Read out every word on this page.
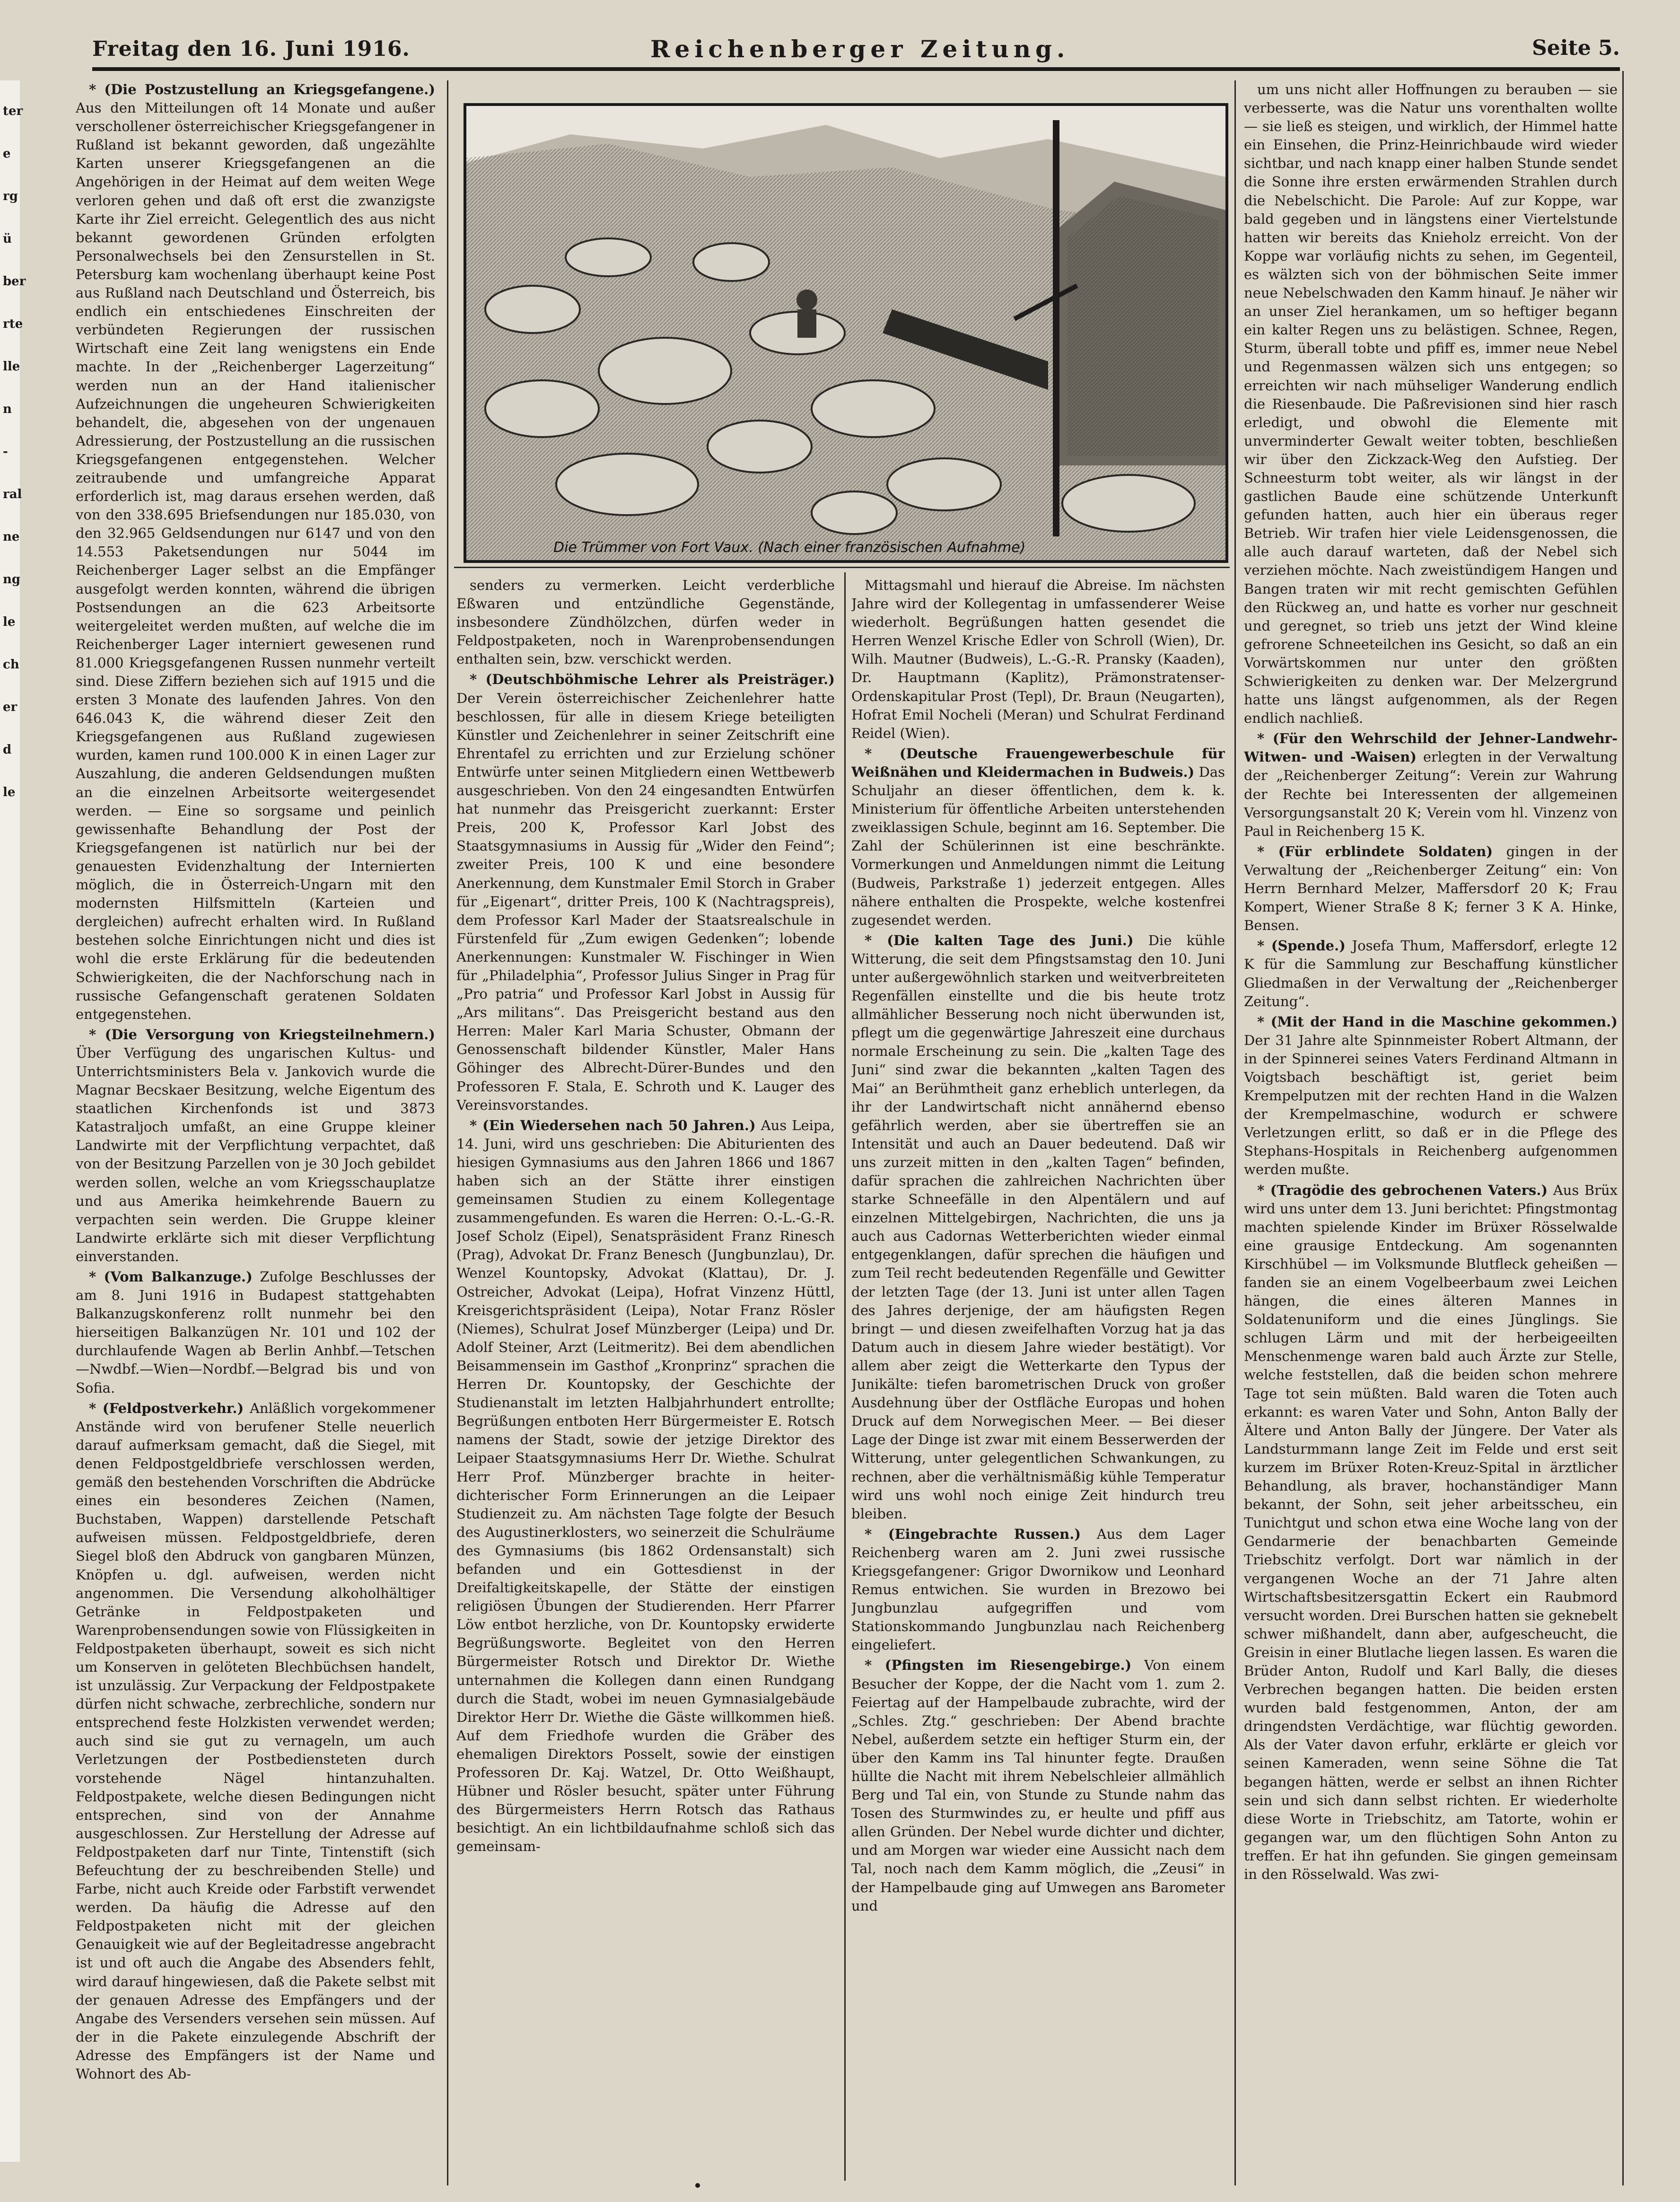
ter
e
rg
ü
ber
rte
lle
n
-
ral
ne
ng
le
ch
er
d
le
Freitag den 16. Juni 1916.	Reichenberger Zeitung.	Seite 5.

* (Die Postzustellung an Kriegsgefangene.) Aus den Mitteilungen oft 14 Monate und außer verschollener österreichischer Kriegsgefangener in Rußland ist bekannt geworden, daß ungezählte Karten unserer Kriegsgefangenen an die Angehörigen in der Heimat auf dem weiten Wege verloren gehen und daß oft erst die zwanzigste Karte ihr Ziel erreicht. Gelegentlich des aus nicht bekannt gewordenen Gründen erfolgten Personalwechsels bei den Zensurstellen in St. Petersburg kam wochenlang überhaupt keine Post aus Rußland nach Deutschland und Österreich, bis endlich ein entschiedenes Einschreiten der verbündeten Regierungen der russischen Wirtschaft eine Zeit lang wenigstens ein Ende machte. In der „Reichenberger Lagerzeitung“ werden nun an der Hand italienischer Aufzeichnungen die ungeheuren Schwierigkeiten behandelt, die, abgesehen von der ungenauen Adressierung, der Postzustellung an die russischen Kriegsgefangenen entgegenstehen. Welcher zeitraubende und umfangreiche Apparat erforderlich ist, mag daraus ersehen werden, daß von den 338.695 Briefsendungen nur 185.030, von den 32.965 Geldsendungen nur 6147 und von den 14.553 Paketsendungen nur 5044 im Reichenberger Lager selbst an die Empfänger ausgefolgt werden konnten, während die übrigen Postsendungen an die 623 Arbeitsorte weitergeleitet werden mußten, auf welche die im Reichenberger Lager interniert gewesenen rund 81.000 Kriegsgefangenen Russen nunmehr verteilt sind. Diese Ziffern beziehen sich auf 1915 und die ersten 3 Monate des laufenden Jahres. Von den 646.043 K, die während dieser Zeit den Kriegsgefangenen aus Rußland zugewiesen wurden, kamen rund 100.000 K in einen Lager zur Auszahlung, die anderen Geldsendungen mußten an die einzelnen Arbeitsorte weitergesendet werden. — Eine so sorgsame und peinlich gewissenhafte Behandlung der Post der Kriegsgefangenen ist natürlich nur bei der genauesten Evidenzhaltung der Internierten möglich, die in Österreich-Ungarn mit den modernsten Hilfsmitteln (Karteien und dergleichen) aufrecht erhalten wird. In Rußland bestehen solche Einrichtungen nicht und dies ist wohl die erste Erklärung für die bedeutenden Schwierigkeiten, die der Nachforschung nach in russische Gefangenschaft geratenen Soldaten entgegenstehen.

* (Die Versorgung von Kriegsteilnehmern.) Über Verfügung des ungarischen Kultus- und Unterrichtsministers Bela v. Jankovich wurde die Magnar Becskaer Besitzung, welche Eigentum des staatlichen Kirchenfonds ist und 3873 Katastraljoch umfaßt, an eine Gruppe kleiner Landwirte mit der Verpflichtung verpachtet, daß von der Besitzung Parzellen von je 30 Joch gebildet werden sollen, welche an vom Kriegsschauplatze und aus Amerika heimkehrende Bauern zu verpachten sein werden. Die Gruppe kleiner Landwirte erklärte sich mit dieser Verpflichtung einverstanden.

* (Vom Balkanzuge.) Zufolge Beschlusses der am 8. Juni 1916 in Budapest stattgehabten Balkanzugskonferenz rollt nunmehr bei den hierseitigen Balkanzügen Nr. 101 und 102 der durchlaufende Wagen ab Berlin Anhbf.—Tetschen—Nwdbf.—Wien—Nordbf.—Belgrad bis und von Sofia.

* (Feldpostverkehr.) Anläßlich vorgekommener Anstände wird von berufener Stelle neuerlich darauf aufmerksam gemacht, daß die Siegel, mit denen Feldpostgeldbriefe verschlossen werden, gemäß den bestehenden Vorschriften die Abdrücke eines ein besonderes Zeichen (Namen, Buchstaben, Wappen) darstellende Petschaft aufweisen müssen. Feldpostgeldbriefe, deren Siegel bloß den Abdruck von gangbaren Münzen, Knöpfen u. dgl. aufweisen, werden nicht angenommen. Die Versendung alkoholhältiger Getränke in Feldpostpaketen und Warenprobensendungen sowie von Flüssigkeiten in Feldpostpaketen überhaupt, soweit es sich nicht um Konserven in gelöteten Blechbüchsen handelt, ist unzulässig. Zur Verpackung der Feldpostpakete dürfen nicht schwache, zerbrechliche, sondern nur entsprechend feste Holzkisten verwendet werden; auch sind sie gut zu vernageln, um auch Verletzungen der Postbediensteten durch vorstehende Nägel hintanzuhalten. Feldpostpakete, welche diesen Bedingungen nicht entsprechen, sind von der Annahme ausgeschlossen. Zur Herstellung der Adresse auf Feldpostpaketen darf nur Tinte, Tintenstift (sich Befeuchtung der zu beschreibenden Stelle) und Farbe, nicht auch Kreide oder Farbstift verwendet werden. Da häufig die Adresse auf den Feldpostpaketen nicht mit der gleichen Genauigkeit wie auf der Begleitadresse angebracht ist und oft auch die Angabe des Absenders fehlt, wird darauf hingewiesen, daß die Pakete selbst mit der genauen Adresse des Empfängers und der Angabe des Versenders versehen sein müssen. Auf der in die Pakete einzulegende Abschrift der Adresse des Empfängers ist der Name und Wohnort des Ab-

Die Trümmer von Fort Vaux. (Nach einer französischen Aufnahme)

senders zu vermerken. Leicht verderbliche Eßwaren und entzündliche Gegenstände, insbesondere Zündhölzchen, dürfen weder in Feldpostpaketen, noch in Warenprobensendungen enthalten sein, bzw. verschickt werden.

* (Deutschböhmische Lehrer als Preisträger.) Der Verein österreichischer Zeichenlehrer hatte beschlossen, für alle in diesem Kriege beteiligten Künstler und Zeichenlehrer in seiner Zeitschrift eine Ehrentafel zu errichten und zur Erzielung schöner Entwürfe unter seinen Mitgliedern einen Wettbewerb ausgeschrieben. Von den 24 eingesandten Entwürfen hat nunmehr das Preisgericht zuerkannt: Erster Preis, 200 K, Professor Karl Jobst des Staatsgymnasiums in Aussig für „Wider den Feind“; zweiter Preis, 100 K und eine besondere Anerkennung, dem Kunstmaler Emil Storch in Graber für „Eigenart“, dritter Preis, 100 K (Nachtragspreis), dem Professor Karl Mader der Staatsrealschule in Fürstenfeld für „Zum ewigen Gedenken“; lobende Anerkennungen: Kunstmaler W. Fischinger in Wien für „Philadelphia“, Professor Julius Singer in Prag für „Pro patria“ und Professor Karl Jobst in Aussig für „Ars militans“. Das Preisgericht bestand aus den Herren: Maler Karl Maria Schuster, Obmann der Genossenschaft bildender Künstler, Maler Hans Göhinger des Albrecht-Dürer-Bundes und den Professoren F. Stala, E. Schroth und K. Lauger des Vereinsvorstandes.

* (Ein Wiedersehen nach 50 Jahren.) Aus Leipa, 14. Juni, wird uns geschrieben: Die Abiturienten des hiesigen Gymnasiums aus den Jahren 1866 und 1867 haben sich an der Stätte ihrer einstigen gemeinsamen Studien zu einem Kollegentage zusammengefunden. Es waren die Herren: O.-L.-G.-R. Josef Scholz (Eipel), Senatspräsident Franz Rinesch (Prag), Advokat Dr. Franz Benesch (Jungbunzlau), Dr. Wenzel Kountopsky, Advokat (Klattau), Dr. J. Ostreicher, Advokat (Leipa), Hofrat Vinzenz Hüttl, Kreisgerichtspräsident (Leipa), Notar Franz Rösler (Niemes), Schulrat Josef Münzberger (Leipa) und Dr. Adolf Steiner, Arzt (Leitmeritz). Bei dem abendlichen Beisammensein im Gasthof „Kronprinz“ sprachen die Herren Dr. Kountopsky, der Geschichte der Studienanstalt im letzten Halbjahrhundert entrollte; Begrüßungen entboten Herr Bürgermeister E. Rotsch namens der Stadt, sowie der jetzige Direktor des Leipaer Staatsgymnasiums Herr Dr. Wiethe. Schulrat Herr Prof. Münzberger brachte in heiter-dichterischer Form Erinnerungen an die Leipaer Studienzeit zu. Am nächsten Tage folgte der Besuch des Augustinerklosters, wo seinerzeit die Schulräume des Gymnasiums (bis 1862 Ordensanstalt) sich befanden und ein Gottesdienst in der Dreifaltigkeitskapelle, der Stätte der einstigen religiösen Übungen der Studierenden. Herr Pfarrer Löw entbot herzliche, von Dr. Kountopsky erwiderte Begrüßungsworte. Begleitet von den Herren Bürgermeister Rotsch und Direktor Dr. Wiethe unternahmen die Kollegen dann einen Rundgang durch die Stadt, wobei im neuen Gymnasialgebäude Direktor Herr Dr. Wiethe die Gäste willkommen hieß. Auf dem Friedhofe wurden die Gräber des ehemaligen Direktors Posselt, sowie der einstigen Professoren Dr. Kaj. Watzel, Dr. Otto Weißhaupt, Hübner und Rösler besucht, später unter Führung des Bürgermeisters Herrn Rotsch das Rathaus besichtigt. An ein lichtbildaufnahme schloß sich das gemeinsam-

Mittagsmahl und hierauf die Abreise. Im nächsten Jahre wird der Kollegentag in umfassenderer Weise wiederholt. Begrüßungen hatten gesendet die Herren Wenzel Krische Edler von Schroll (Wien), Dr. Wilh. Mautner (Budweis), L.-G.-R. Pransky (Kaaden), Dr. Hauptmann (Kaplitz), Prämonstratenser-Ordenskapitular Prost (Tepl), Dr. Braun (Neugarten), Hofrat Emil Nocheli (Meran) und Schulrat Ferdinand Reidel (Wien).

* (Deutsche Frauengewerbeschule für Weißnähen und Kleidermachen in Budweis.) Das Schuljahr an dieser öffentlichen, dem k. k. Ministerium für öffentliche Arbeiten unterstehenden zweiklassigen Schule, beginnt am 16. September. Die Zahl der Schülerinnen ist eine beschränkte. Vormerkungen und Anmeldungen nimmt die Leitung (Budweis, Parkstraße 1) jederzeit entgegen. Alles nähere enthalten die Prospekte, welche kostenfrei zugesendet werden.

* (Die kalten Tage des Juni.) Die kühle Witterung, die seit dem Pfingstsamstag den 10. Juni unter außergewöhnlich starken und weitverbreiteten Regenfällen einstellte und die bis heute trotz allmählicher Besserung noch nicht überwunden ist, pflegt um die gegenwärtige Jahreszeit eine durchaus normale Erscheinung zu sein. Die „kalten Tage des Juni“ sind zwar die bekannten „kalten Tagen des Mai“ an Berühmtheit ganz erheblich unterlegen, da ihr der Landwirtschaft nicht annähernd ebenso gefährlich werden, aber sie übertreffen sie an Intensität und auch an Dauer bedeutend. Daß wir uns zurzeit mitten in den „kalten Tagen“ befinden, dafür sprachen die zahlreichen Nachrichten über starke Schneefälle in den Alpentälern und auf einzelnen Mittelgebirgen, Nachrichten, die uns ja auch aus Cadornas Wetterberichten wieder einmal entgegenklangen, dafür sprechen die häufigen und zum Teil recht bedeutenden Regenfälle und Gewitter der letzten Tage (der 13. Juni ist unter allen Tagen des Jahres derjenige, der am häufigsten Regen bringt — und diesen zweifelhaften Vorzug hat ja das Datum auch in diesem Jahre wieder bestätigt). Vor allem aber zeigt die Wetterkarte den Typus der Junikälte: tiefen barometrischen Druck von großer Ausdehnung über der Ostfläche Europas und hohen Druck auf dem Norwegischen Meer. — Bei dieser Lage der Dinge ist zwar mit einem Besserwerden der Witterung, unter gelegentlichen Schwankungen, zu rechnen, aber die verhältnismäßig kühle Temperatur wird uns wohl noch einige Zeit hindurch treu bleiben.

* (Eingebrachte Russen.) Aus dem Lager Reichenberg waren am 2. Juni zwei russische Kriegsgefangener: Grigor Dwornikow und Leonhard Remus entwichen. Sie wurden in Brezowo bei Jungbunzlau aufgegriffen und vom Stationskommando Jungbunzlau nach Reichenberg eingeliefert.

* (Pfingsten im Riesengebirge.) Von einem Besucher der Koppe, der die Nacht vom 1. zum 2. Feiertag auf der Hampelbaude zubrachte, wird der „Schles. Ztg.“ geschrieben: Der Abend brachte Nebel, außerdem setzte ein heftiger Sturm ein, der über den Kamm ins Tal hinunter fegte. Draußen hüllte die Nacht mit ihrem Nebelschleier allmählich Berg und Tal ein, von Stunde zu Stunde nahm das Tosen des Sturmwindes zu, er heulte und pfiff aus allen Gründen. Der Nebel wurde dichter und dichter, und am Morgen war wieder eine Aussicht nach dem Tal, noch nach dem Kamm möglich, die „Zeusi“ in der Hampelbaude ging auf Umwegen ans Barometer und

um uns nicht aller Hoffnungen zu berauben — sie verbesserte, was die Natur uns vorenthalten wollte — sie ließ es steigen, und wirklich, der Himmel hatte ein Einsehen, die Prinz-Heinrichbaude wird wieder sichtbar, und nach knapp einer halben Stunde sendet die Sonne ihre ersten erwärmenden Strahlen durch die Nebelschicht. Die Parole: Auf zur Koppe, war bald gegeben und in längstens einer Viertelstunde hatten wir bereits das Knieholz erreicht. Von der Koppe war vorläufig nichts zu sehen, im Gegenteil, es wälzten sich von der böhmischen Seite immer neue Nebelschwaden den Kamm hinauf. Je näher wir an unser Ziel herankamen, um so heftiger begann ein kalter Regen uns zu belästigen. Schnee, Regen, Sturm, überall tobte und pfiff es, immer neue Nebel und Regenmassen wälzen sich uns entgegen; so erreichten wir nach mühseliger Wanderung endlich die Riesenbaude. Die Paßrevisionen sind hier rasch erledigt, und obwohl die Elemente mit unverminderter Gewalt weiter tobten, beschließen wir über den Zickzack-Weg den Aufstieg. Der Schneesturm tobt weiter, als wir längst in der gastlichen Baude eine schützende Unterkunft gefunden hatten, auch hier ein überaus reger Betrieb. Wir trafen hier viele Leidensgenossen, die alle auch darauf warteten, daß der Nebel sich verziehen möchte. Nach zweistündigem Hangen und Bangen traten wir mit recht gemischten Gefühlen den Rückweg an, und hatte es vorher nur geschneit und geregnet, so trieb uns jetzt der Wind kleine gefrorene Schneeteilchen ins Gesicht, so daß an ein Vorwärtskommen nur unter den größten Schwierigkeiten zu denken war. Der Melzergrund hatte uns längst aufgenommen, als der Regen endlich nachließ.

* (Für den Wehrschild der Jehner-Landwehr-Witwen- und -Waisen) erlegten in der Verwaltung der „Reichenberger Zeitung“: Verein zur Wahrung der Rechte bei Interessenten der allgemeinen Versorgungsanstalt 20 K; Verein vom hl. Vinzenz von Paul in Reichenberg 15 K.

* (Für erblindete Soldaten) gingen in der Verwaltung der „Reichenberger Zeitung“ ein: Von Herrn Bernhard Melzer, Maffersdorf 20 K; Frau Kompert, Wiener Straße 8 K; ferner 3 K A. Hinke, Bensen.

* (Spende.) Josefa Thum, Maffersdorf, erlegte 12 K für die Sammlung zur Beschaffung künstlicher Gliedmaßen in der Verwaltung der „Reichenberger Zeitung“.

* (Mit der Hand in die Maschine gekommen.) Der 31 Jahre alte Spinnmeister Robert Altmann, der in der Spinnerei seines Vaters Ferdinand Altmann in Voigtsbach beschäftigt ist, geriet beim Krempelputzen mit der rechten Hand in die Walzen der Krempelmaschine, wodurch er schwere Verletzungen erlitt, so daß er in die Pflege des Stephans-Hospitals in Reichenberg aufgenommen werden mußte.

* (Tragödie des gebrochenen Vaters.) Aus Brüx wird uns unter dem 13. Juni berichtet: Pfingstmontag machten spielende Kinder im Brüxer Rösselwalde eine grausige Entdeckung. Am sogenannten Kirschhübel — im Volksmunde Blutfleck geheißen — fanden sie an einem Vogelbeerbaum zwei Leichen hängen, die eines älteren Mannes in Soldatenuniform und die eines Jünglings. Sie schlugen Lärm und mit der herbeigeeilten Menschenmenge waren bald auch Ärzte zur Stelle, welche feststellen, daß die beiden schon mehrere Tage tot sein müßten. Bald waren die Toten auch erkannt: es waren Vater und Sohn, Anton Bally der Ältere und Anton Bally der Jüngere. Der Vater als Landsturmmann lange Zeit im Felde und erst seit kurzem im Brüxer Roten-Kreuz-Spital in ärztlicher Behandlung, als braver, hochanständiger Mann bekannt, der Sohn, seit jeher arbeitsscheu, ein Tunichtgut und schon etwa eine Woche lang von der Gendarmerie der benachbarten Gemeinde Triebschitz verfolgt. Dort war nämlich in der vergangenen Woche an der 71 Jahre alten Wirtschaftsbesitzersgattin Eckert ein Raubmord versucht worden. Drei Burschen hatten sie geknebelt schwer mißhandelt, dann aber, aufgescheucht, die Greisin in einer Blutlache liegen lassen. Es waren die Brüder Anton, Rudolf und Karl Bally, die dieses Verbrechen begangen hatten. Die beiden ersten wurden bald festgenommen, Anton, der am dringendsten Verdächtige, war flüchtig geworden. Als der Vater davon erfuhr, erklärte er gleich vor seinen Kameraden, wenn seine Söhne die Tat begangen hätten, werde er selbst an ihnen Richter sein und sich dann selbst richten. Er wiederholte diese Worte in Triebschitz, am Tatorte, wohin er gegangen war, um den flüchtigen Sohn Anton zu treffen. Er hat ihn gefunden. Sie gingen gemeinsam in den Rösselwald. Was zwi-
